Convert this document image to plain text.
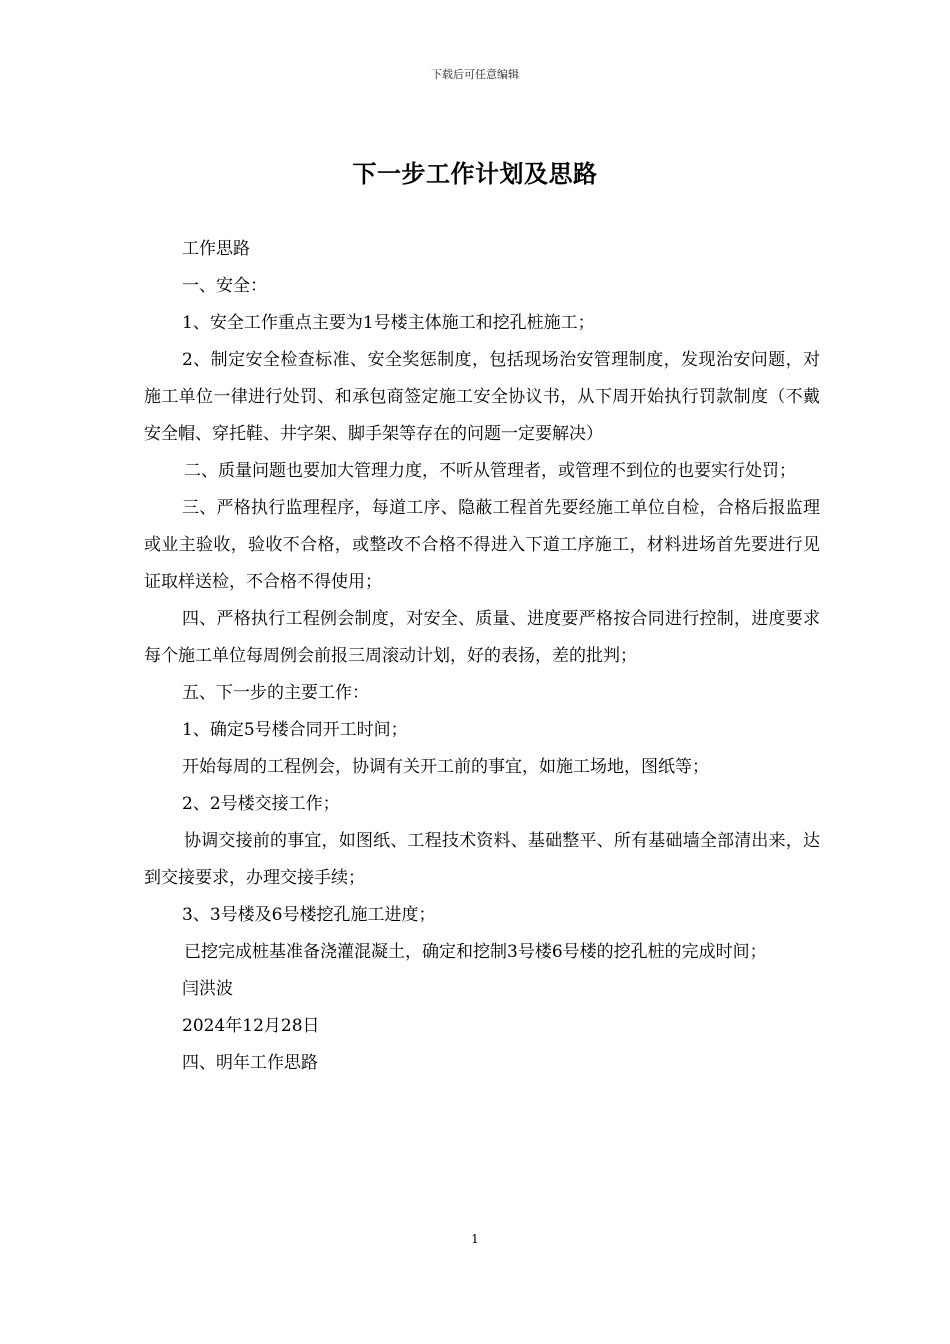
下载后可任意编辑
下一步工作计划及思路

工作思路

一、安全：

1、安全工作重点主要为1号楼主体施工和挖孔桩施工；

2、制定安全检查标准、安全奖惩制度，包括现场治安管理制度，发现治安问题，对施工单位一律进行处罚、和承包商签定施工安全协议书，从下周开始执行罚款制度（不戴安全帽、穿托鞋、井字架、脚手架等存在的问题一定要解决）

二、质量问题也要加大管理力度，不听从管理者，或管理不到位的也要实行处罚；

三、严格执行监理程序，每道工序、隐蔽工程首先要经施工单位自检，合格后报监理或业主验收，验收不合格，或整改不合格不得进入下道工序施工，材料进场首先要进行见证取样送检，不合格不得使用；

四、严格执行工程例会制度，对安全、质量、进度要严格按合同进行控制，进度要求每个施工单位每周例会前报三周滚动计划，好的表扬，差的批判；

五、下一步的主要工作：

1、确定5号楼合同开工时间；

开始每周的工程例会，协调有关开工前的事宜，如施工场地，图纸等；

2、2号楼交接工作；

协调交接前的事宜，如图纸、工程技术资料、基础整平、所有基础墙全部清出来，达到交接要求，办理交接手续；

3、3号楼及6号楼挖孔施工进度；

已挖完成桩基准备浇灌混凝土，确定和挖制3号楼6号楼的挖孔桩的完成时间；

闫洪波

2024年12月28日

四、明年工作思路

1
